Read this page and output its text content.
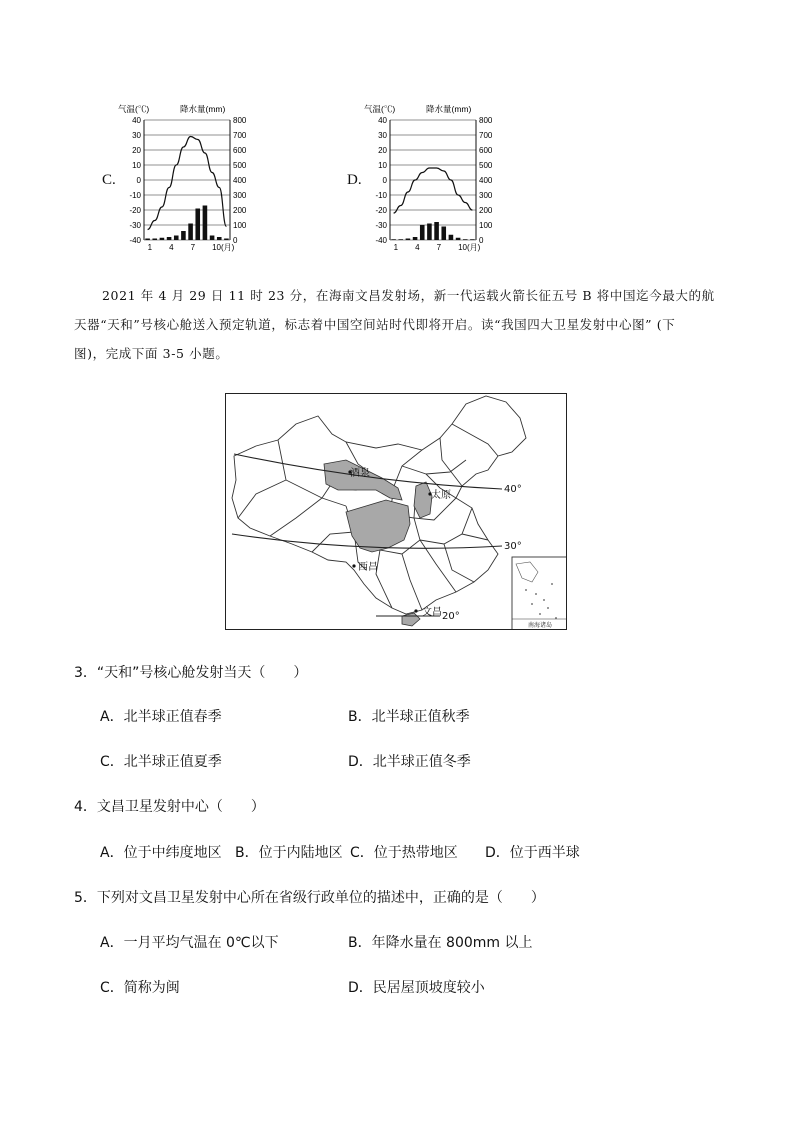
C.
气温(℃)	降水量(mm)
40	800
30	700
20	600
10	500
0	400
-10	300
-20	200
-30	100
-40	0
1 4 7 10(月)
D.
气温(℃)	降水量(mm)
40	800
30	700
20	600
10	500
0	400
-10	300
-20	200
-30	100
-40	0
1 4 7 10(月)
2021 年 4 月 29 日 11 时 23 分，在海南文昌发射场，新一代运载火箭长征五号 B 将中国迄今最大的航
天器“天和”号核心舱送入预定轨道，标志着中国空间站时代即将开启。读“我国四大卫星发射中心图” (下
图)，完成下面 3-5 小题。
南海诸岛
酒泉
太原
西昌
文昌
40°
30°
20°
3．“天和”号核心舱发射当天（　　）
A．北半球正值春季	B．北半球正值秋季
C．北半球正值夏季	D．北半球正值冬季
4．文昌卫星发射中心（　　）
A．位于中纬度地区 B．位于内陆地区 C．位于热带地区 D．位于西半球
5．下列对文昌卫星发射中心所在省级行政单位的描述中，正确的是（　　）
A．一月平均气温在 0℃以下	B．年降水量在 800mm 以上
C．简称为闽	D．民居屋顶坡度较小
